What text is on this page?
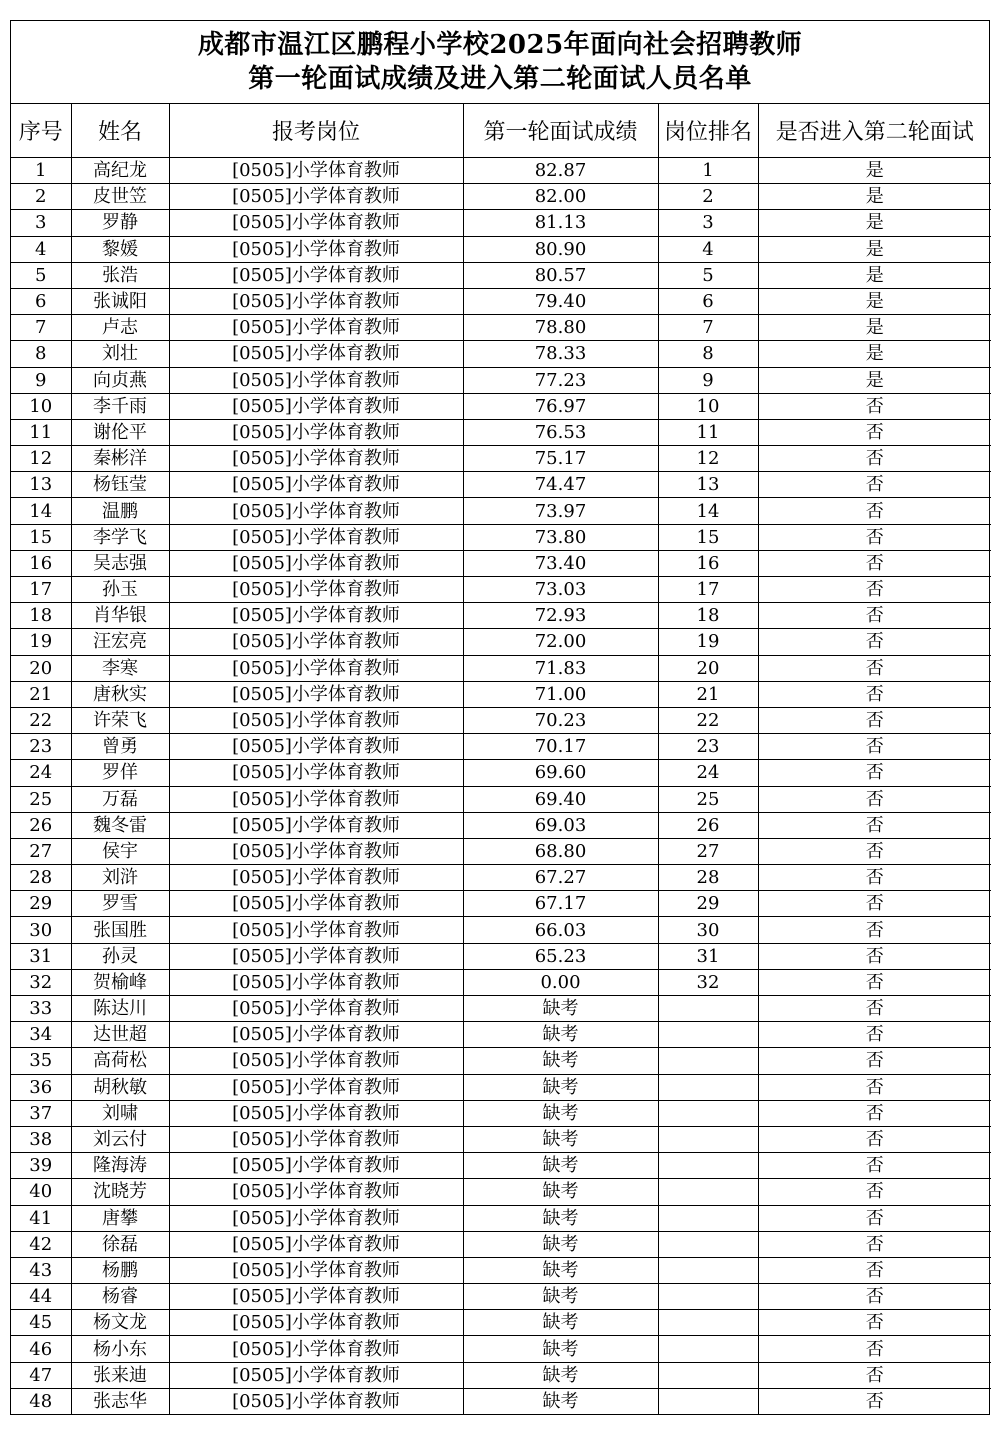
成都市温江区鹏程小学校2025年面向社会招聘教师
第一轮面试成绩及进入第二轮面试人员名单
序号	姓名	报考岗位	第一轮面试成绩	岗位排名	是否进入第二轮面试
1	高纪龙	[0505]小学体育教师	82.87	1	是
2	皮世笠	[0505]小学体育教师	82.00	2	是
3	罗静	[0505]小学体育教师	81.13	3	是
4	黎媛	[0505]小学体育教师	80.90	4	是
5	张浩	[0505]小学体育教师	80.57	5	是
6	张诚阳	[0505]小学体育教师	79.40	6	是
7	卢志	[0505]小学体育教师	78.80	7	是
8	刘壮	[0505]小学体育教师	78.33	8	是
9	向贞燕	[0505]小学体育教师	77.23	9	是
10	李千雨	[0505]小学体育教师	76.97	10	否
11	谢伦平	[0505]小学体育教师	76.53	11	否
12	秦彬洋	[0505]小学体育教师	75.17	12	否
13	杨钰莹	[0505]小学体育教师	74.47	13	否
14	温鹏	[0505]小学体育教师	73.97	14	否
15	李学飞	[0505]小学体育教师	73.80	15	否
16	吴志强	[0505]小学体育教师	73.40	16	否
17	孙玉	[0505]小学体育教师	73.03	17	否
18	肖华银	[0505]小学体育教师	72.93	18	否
19	汪宏亮	[0505]小学体育教师	72.00	19	否
20	李寒	[0505]小学体育教师	71.83	20	否
21	唐秋实	[0505]小学体育教师	71.00	21	否
22	许荣飞	[0505]小学体育教师	70.23	22	否
23	曾勇	[0505]小学体育教师	70.17	23	否
24	罗佯	[0505]小学体育教师	69.60	24	否
25	万磊	[0505]小学体育教师	69.40	25	否
26	魏冬雷	[0505]小学体育教师	69.03	26	否
27	侯宇	[0505]小学体育教师	68.80	27	否
28	刘浒	[0505]小学体育教师	67.27	28	否
29	罗雪	[0505]小学体育教师	67.17	29	否
30	张国胜	[0505]小学体育教师	66.03	30	否
31	孙灵	[0505]小学体育教师	65.23	31	否
32	贺榆峰	[0505]小学体育教师	0.00	32	否
33	陈达川	[0505]小学体育教师	缺考		否
34	达世超	[0505]小学体育教师	缺考		否
35	高荷松	[0505]小学体育教师	缺考		否
36	胡秋敏	[0505]小学体育教师	缺考		否
37	刘啸	[0505]小学体育教师	缺考		否
38	刘云付	[0505]小学体育教师	缺考		否
39	隆海涛	[0505]小学体育教师	缺考		否
40	沈晓芳	[0505]小学体育教师	缺考		否
41	唐攀	[0505]小学体育教师	缺考		否
42	徐磊	[0505]小学体育教师	缺考		否
43	杨鹏	[0505]小学体育教师	缺考		否
44	杨睿	[0505]小学体育教师	缺考		否
45	杨文龙	[0505]小学体育教师	缺考		否
46	杨小东	[0505]小学体育教师	缺考		否
47	张来迪	[0505]小学体育教师	缺考		否
48	张志华	[0505]小学体育教师	缺考		否
